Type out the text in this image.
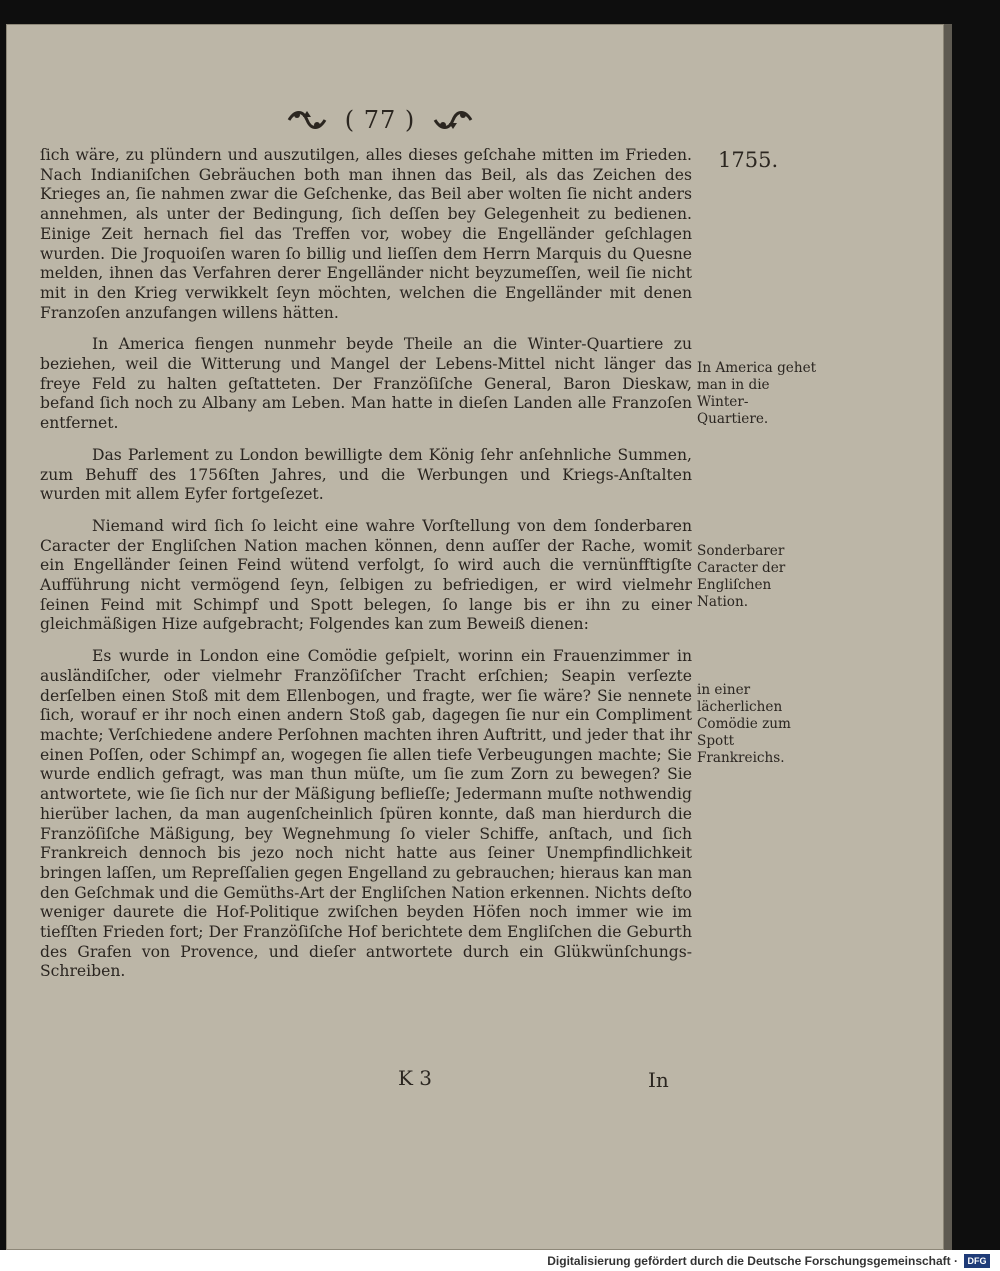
( 77 )
1755.

ſich wäre, zu plündern und auszutilgen, alles dieses geſchahe mitten im Frieden. Nach Indianiſchen Gebräuchen both man ihnen das Beil, als das Zeichen des Krieges an, ſie nahmen zwar die Geſchenke, das Beil aber wolten ſie nicht anders annehmen, als unter der Bedingung, ſich deſſen bey Gelegenheit zu bedienen. Einige Zeit hernach fiel das Treffen vor, wobey die Engelländer geſchlagen wurden. Die Jroquoiſen waren ſo billig und lieſſen dem Herrn Marquis du Quesne melden, ihnen das Verfahren derer Engelländer nicht beyzumeſſen, weil ſie nicht mit in den Krieg verwikkelt ſeyn möchten, welchen die Engelländer mit denen Franzoſen anzufangen willens hätten.

In America fiengen nunmehr beyde Theile an die Winter-Quartiere zu beziehen, weil die Witterung und Mangel der Lebens-Mittel nicht länger das freye Feld zu halten geſtatteten. Der Franzöſiſche General, Baron Dieskaw, befand ſich noch zu Albany am Leben. Man hatte in dieſen Landen alle Franzoſen entfernet.

Das Parlement zu London bewilligte dem König ſehr anſehnliche Summen, zum Behuff des 1756ſten Jahres, und die Werbungen und Kriegs-Anſtalten wurden mit allem Eyfer fortgeſezet.

Niemand wird ſich ſo leicht eine wahre Vorſtellung von dem ſonderbaren Caracter der Engliſchen Nation machen können, denn auſſer der Rache, womit ein Engelländer ſeinen Feind wütend verfolgt, ſo wird auch die vernünfftigſte Aufführung nicht vermögend ſeyn, ſelbigen zu befriedigen, er wird vielmehr ſeinen Feind mit Schimpf und Spott belegen, ſo lange bis er ihn zu einer gleichmäßigen Hize aufgebracht; Folgendes kan zum Beweiß dienen:

Es wurde in London eine Comödie geſpielt, worinn ein Frauenzimmer in ausländiſcher, oder vielmehr Franzöſiſcher Tracht erſchien; Seapin verſezte derſelben einen Stoß mit dem Ellenbogen, und fragte, wer ſie wäre? Sie nennete ſich, worauf er ihr noch einen andern Stoß gab, dagegen ſie nur ein Compliment machte; Verſchiedene andere Perſohnen machten ihren Auftritt, und jeder that ihr einen Poſſen, oder Schimpf an, wogegen ſie allen tiefe Verbeugungen machte; Sie wurde endlich gefragt, was man thun müſte, um ſie zum Zorn zu bewegen? Sie antwortete, wie ſie ſich nur der Mäßigung beflieſſe; Jedermann muſte nothwendig hierüber lachen, da man augenſcheinlich ſpüren konnte, daß man hierdurch die Franzöſiſche Mäßigung, bey Wegnehmung ſo vieler Schiffe, anſtach, und ſich Frankreich dennoch bis jezo noch nicht hatte aus ſeiner Unempfindlichkeit bringen laſſen, um Repreſſalien gegen Engelland zu gebrauchen; hieraus kan man den Geſchmak und die Gemüths-Art der Engliſchen Nation erkennen. Nichts deſto weniger daurete die Hof-Politique zwiſchen beyden Höfen noch immer wie im tiefſten Frieden fort; Der Franzöſiſche Hof berichtete dem Engliſchen die Geburth des Grafen von Provence, und dieſer antwortete durch ein Glükwünſchungs-Schreiben.

In America gehet man in die Winter-Quartiere.
Sonderbarer Caracter der Engliſchen Nation.
in einer lächerlichen Comödie zum Spott Frankreichs.
K 3	In
Digitalisierung gefördert durch die Deutsche Forschungsgemeinschaft ·	DFG
